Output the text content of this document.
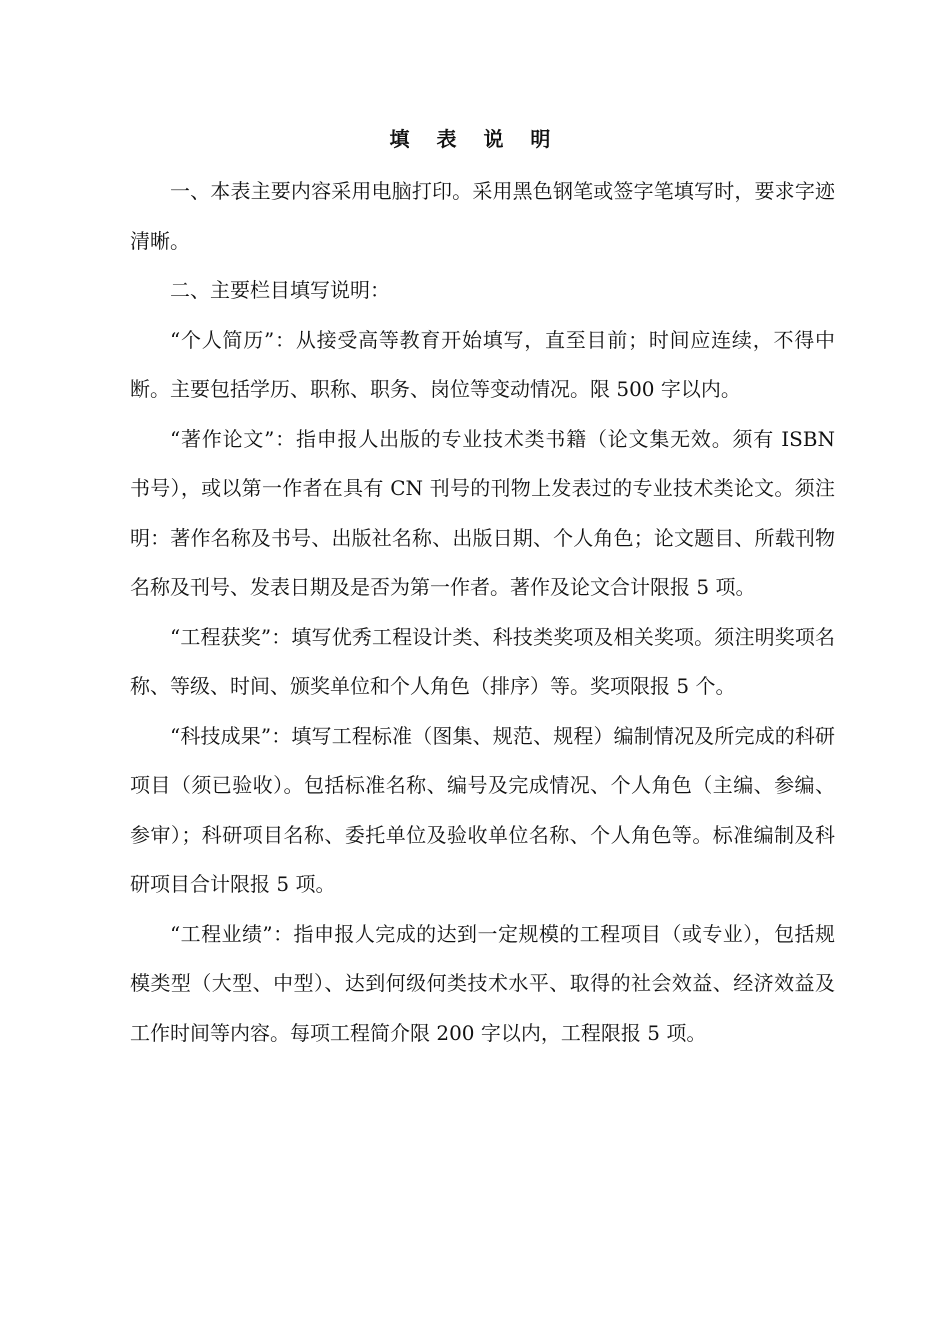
填 表 说 明

一、本表主要内容采用电脑打印。采用黑色钢笔或签字笔填写时，要求字迹清晰。

二、主要栏目填写说明：

“个人简历”：从接受高等教育开始填写，直至目前；时间应连续，不得中断。主要包括学历、职称、职务、岗位等变动情况。限 500 字以内。

“著作论文”：指申报人出版的专业技术类书籍（论文集无效。须有 ISBN 书号），或以第一作者在具有 CN 刊号的刊物上发表过的专业技术类论文。须注明：著作名称及书号、出版社名称、出版日期、个人角色；论文题目、所载刊物名称及刊号、发表日期及是否为第一作者。著作及论文合计限报 5 项。

“工程获奖”：填写优秀工程设计类、科技类奖项及相关奖项。须注明奖项名称、等级、时间、颁奖单位和个人角色（排序）等。奖项限报 5 个。

“科技成果”：填写工程标准（图集、规范、规程）编制情况及所完成的科研项目（须已验收）。包括标准名称、编号及完成情况、个人角色（主编、参编、参审）；科研项目名称、委托单位及验收单位名称、个人角色等。标准编制及科研项目合计限报 5 项。

“工程业绩”：指申报人完成的达到一定规模的工程项目（或专业），包括规模类型（大型、中型）、达到何级何类技术水平、取得的社会效益、经济效益及工作时间等内容。每项工程简介限 200 字以内，工程限报 5 项。
